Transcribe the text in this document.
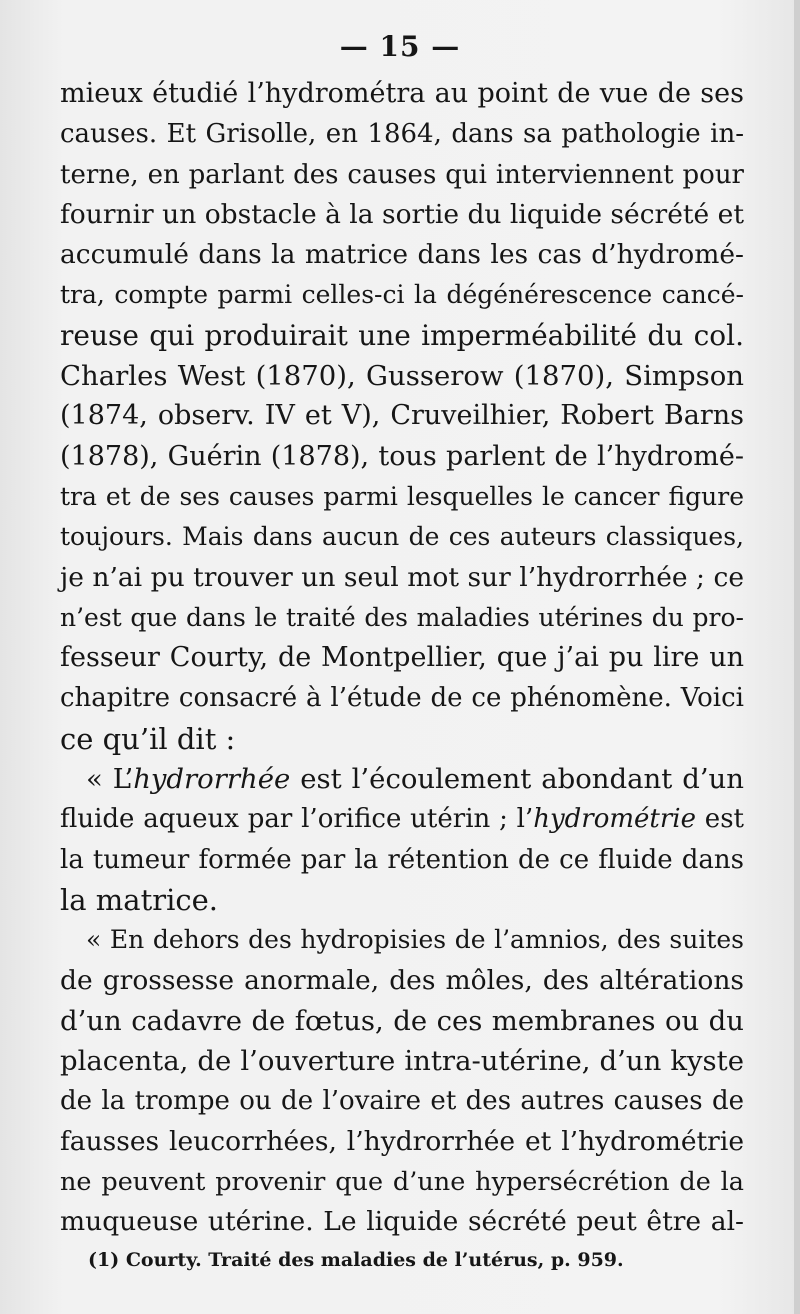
— 15 —
mieux étudié l’hydrométra au point de vue de ses
causes. Et Grisolle, en 1864, dans sa pathologie in-
terne, en parlant des causes qui interviennent pour
fournir un obstacle à la sortie du liquide sécrété et
accumulé dans la matrice dans les cas d’hydromé-
tra, compte parmi celles-ci la dégénérescence cancé-
reuse qui produirait une imperméabilité du col.
Charles West (1870), Gusserow (1870), Simpson
(1874, observ. IV et V), Cruveilhier, Robert Barns
(1878), Guérin (1878), tous parlent de l’hydromé-
tra et de ses causes parmi lesquelles le cancer figure
toujours. Mais dans aucun de ces auteurs classiques,
je n’ai pu trouver un seul mot sur l’hydrorrhée ; ce
n’est que dans le traité des maladies utérines du pro-
fesseur Courty, de Montpellier, que j’ai pu lire un
chapitre consacré à l’étude de ce phénomène. Voici
ce qu’il dit :
« L’hydrorrhée est l’écoulement abondant d’un
fluide aqueux par l’orifice utérin ; l’hydrométrie est
la tumeur formée par la rétention de ce fluide dans
la matrice.
« En dehors des hydropisies de l’amnios, des suites
de grossesse anormale, des môles, des altérations
d’un cadavre de fœtus, de ces membranes ou du
placenta, de l’ouverture intra-utérine, d’un kyste
de la trompe ou de l’ovaire et des autres causes de
fausses leucorrhées, l’hydrorrhée et l’hydrométrie
ne peuvent provenir que d’une hypersécrétion de la
muqueuse utérine. Le liquide sécrété peut être al-
(1) Courty. Traité des maladies de l’utérus, p. 959.
